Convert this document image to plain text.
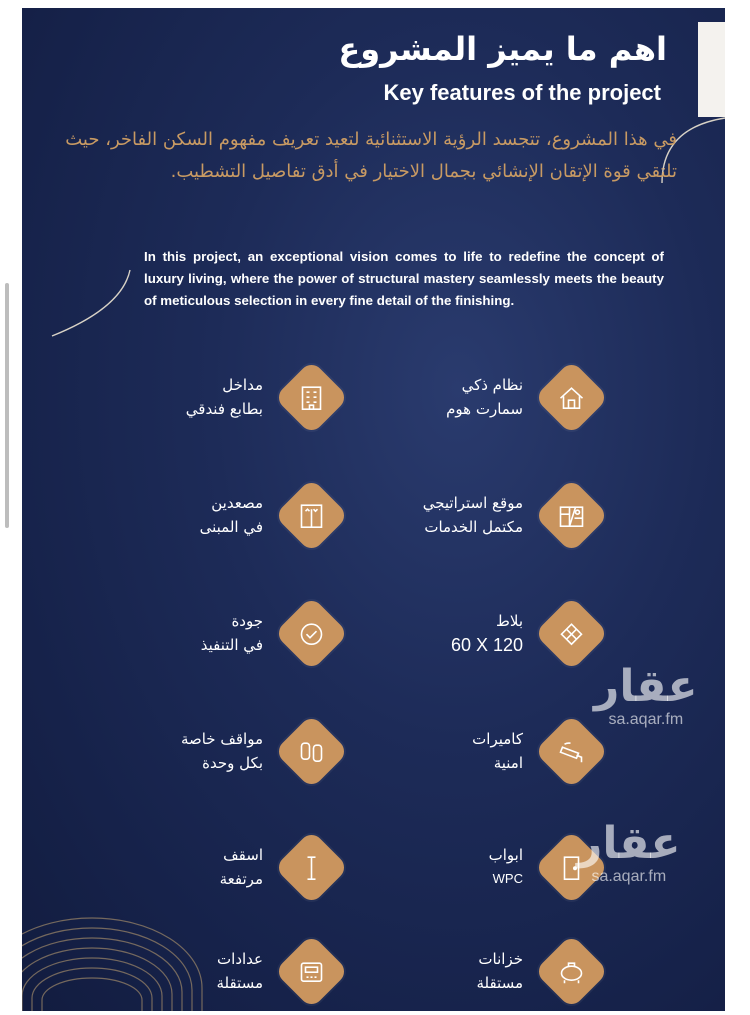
اهم ما يميز المشروع
Key features of the project

في هذا المشروع، تتجسد الرؤية الاستثنائية لتعيد تعريف مفهوم السكن الفاخر، حيث تلتقي قوة الإتقان الإنشائي بجمال الاختيار في أدق تفاصيل التشطيب.

In this project, an exceptional vision comes to life to redefine the concept of luxury living, where the power of structural mastery seamlessly meets the beauty of meticulous selection in every fine detail of the finishing.

نظام ذكي
سمارت هوم
مداخل
بطابع فندقي
موقع استراتيجي
مكتمل الخدمات
مصعدين
في المبنى
بلاط
60 X 120
جودة
في التنفيذ
كاميرات
امنية
مواقف خاصة
بكل وحدة
ابواب
WPC
اسقف
مرتفعة
خزانات
مستقلة
عدادات
مستقلة
عقار
sa.aqar.fm
عقار
sa.aqar.fm
